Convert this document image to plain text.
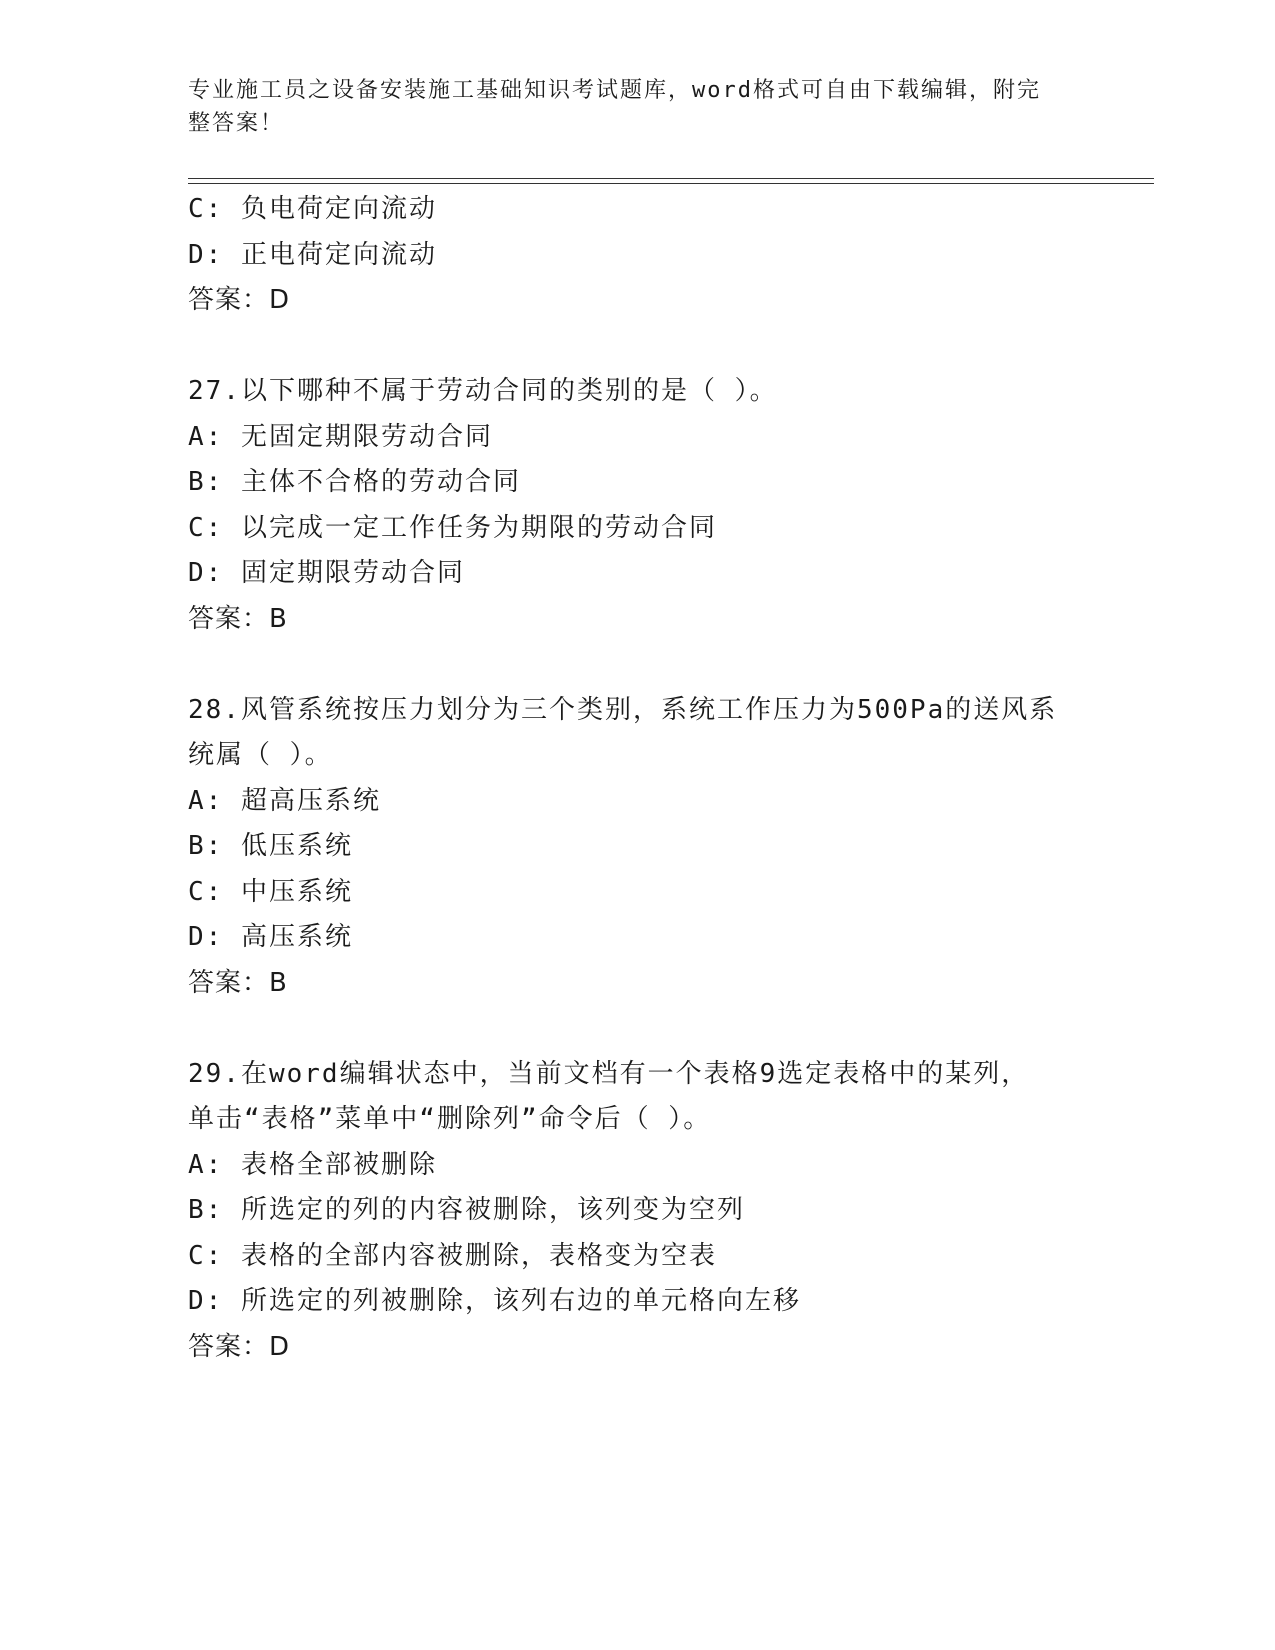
专业施工员之设备安装施工基础知识考试题库，word格式可自由下载编辑，附完
整答案！
C: 负电荷定向流动
D: 正电荷定向流动
答案：D
27.以下哪种不属于劳动合同的类别的是（ ）。
A: 无固定期限劳动合同
B: 主体不合格的劳动合同
C: 以完成一定工作任务为期限的劳动合同
D: 固定期限劳动合同
答案：B
28.风管系统按压力划分为三个类别，系统工作压力为500Pa的送风系
统属（ ）。
A: 超高压系统
B: 低压系统
C: 中压系统
D: 高压系统
答案：B
29.在word编辑状态中，当前文档有一个表格9选定表格中的某列，
单击“表格”菜单中“删除列”命令后（ ）。
A: 表格全部被删除
B: 所选定的列的内容被删除，该列变为空列
C: 表格的全部内容被删除，表格变为空表
D: 所选定的列被删除，该列右边的单元格向左移
答案：D
